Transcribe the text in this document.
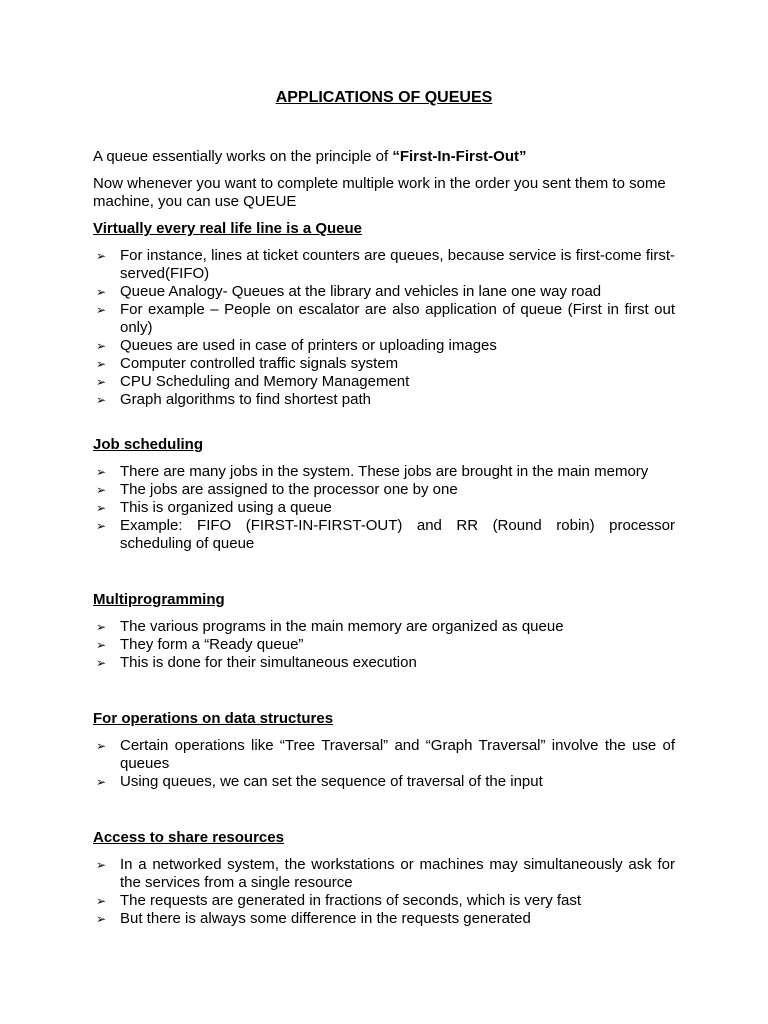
APPLICATIONS OF QUEUES

A queue essentially works on the principle of “First-In-First-Out”

Now whenever you want to complete multiple work in the order you sent them to some machine, you can use QUEUE

Virtually every real life line is a Queue
➢ For instance, lines at ticket counters are queues, because service is first-come first-served(FIFO)
➢ Queue Analogy- Queues at the library and vehicles in lane one way road
➢ For example – People on escalator are also application of queue (First in first out only)
➢ Queues are used in case of printers or uploading images
➢ Computer controlled traffic signals system
➢ CPU Scheduling and Memory Management
➢ Graph algorithms to find shortest path
Job scheduling
➢ There are many jobs in the system. These jobs are brought in the main memory
➢ The jobs are assigned to the processor one by one
➢ This is organized using a queue
➢ Example: FIFO (FIRST-IN-FIRST-OUT) and RR (Round robin) processor scheduling of queue
Multiprogramming
➢ The various programs in the main memory are organized as queue
➢ They form a “Ready queue”
➢ This is done for their simultaneous execution
For operations on data structures
➢ Certain operations like “Tree Traversal” and “Graph Traversal” involve the use of queues
➢ Using queues, we can set the sequence of traversal of the input
Access to share resources
➢ In a networked system, the workstations or machines may simultaneously ask for the services from a single resource
➢ The requests are generated in fractions of seconds, which is very fast
➢ But there is always some difference in the requests generated
